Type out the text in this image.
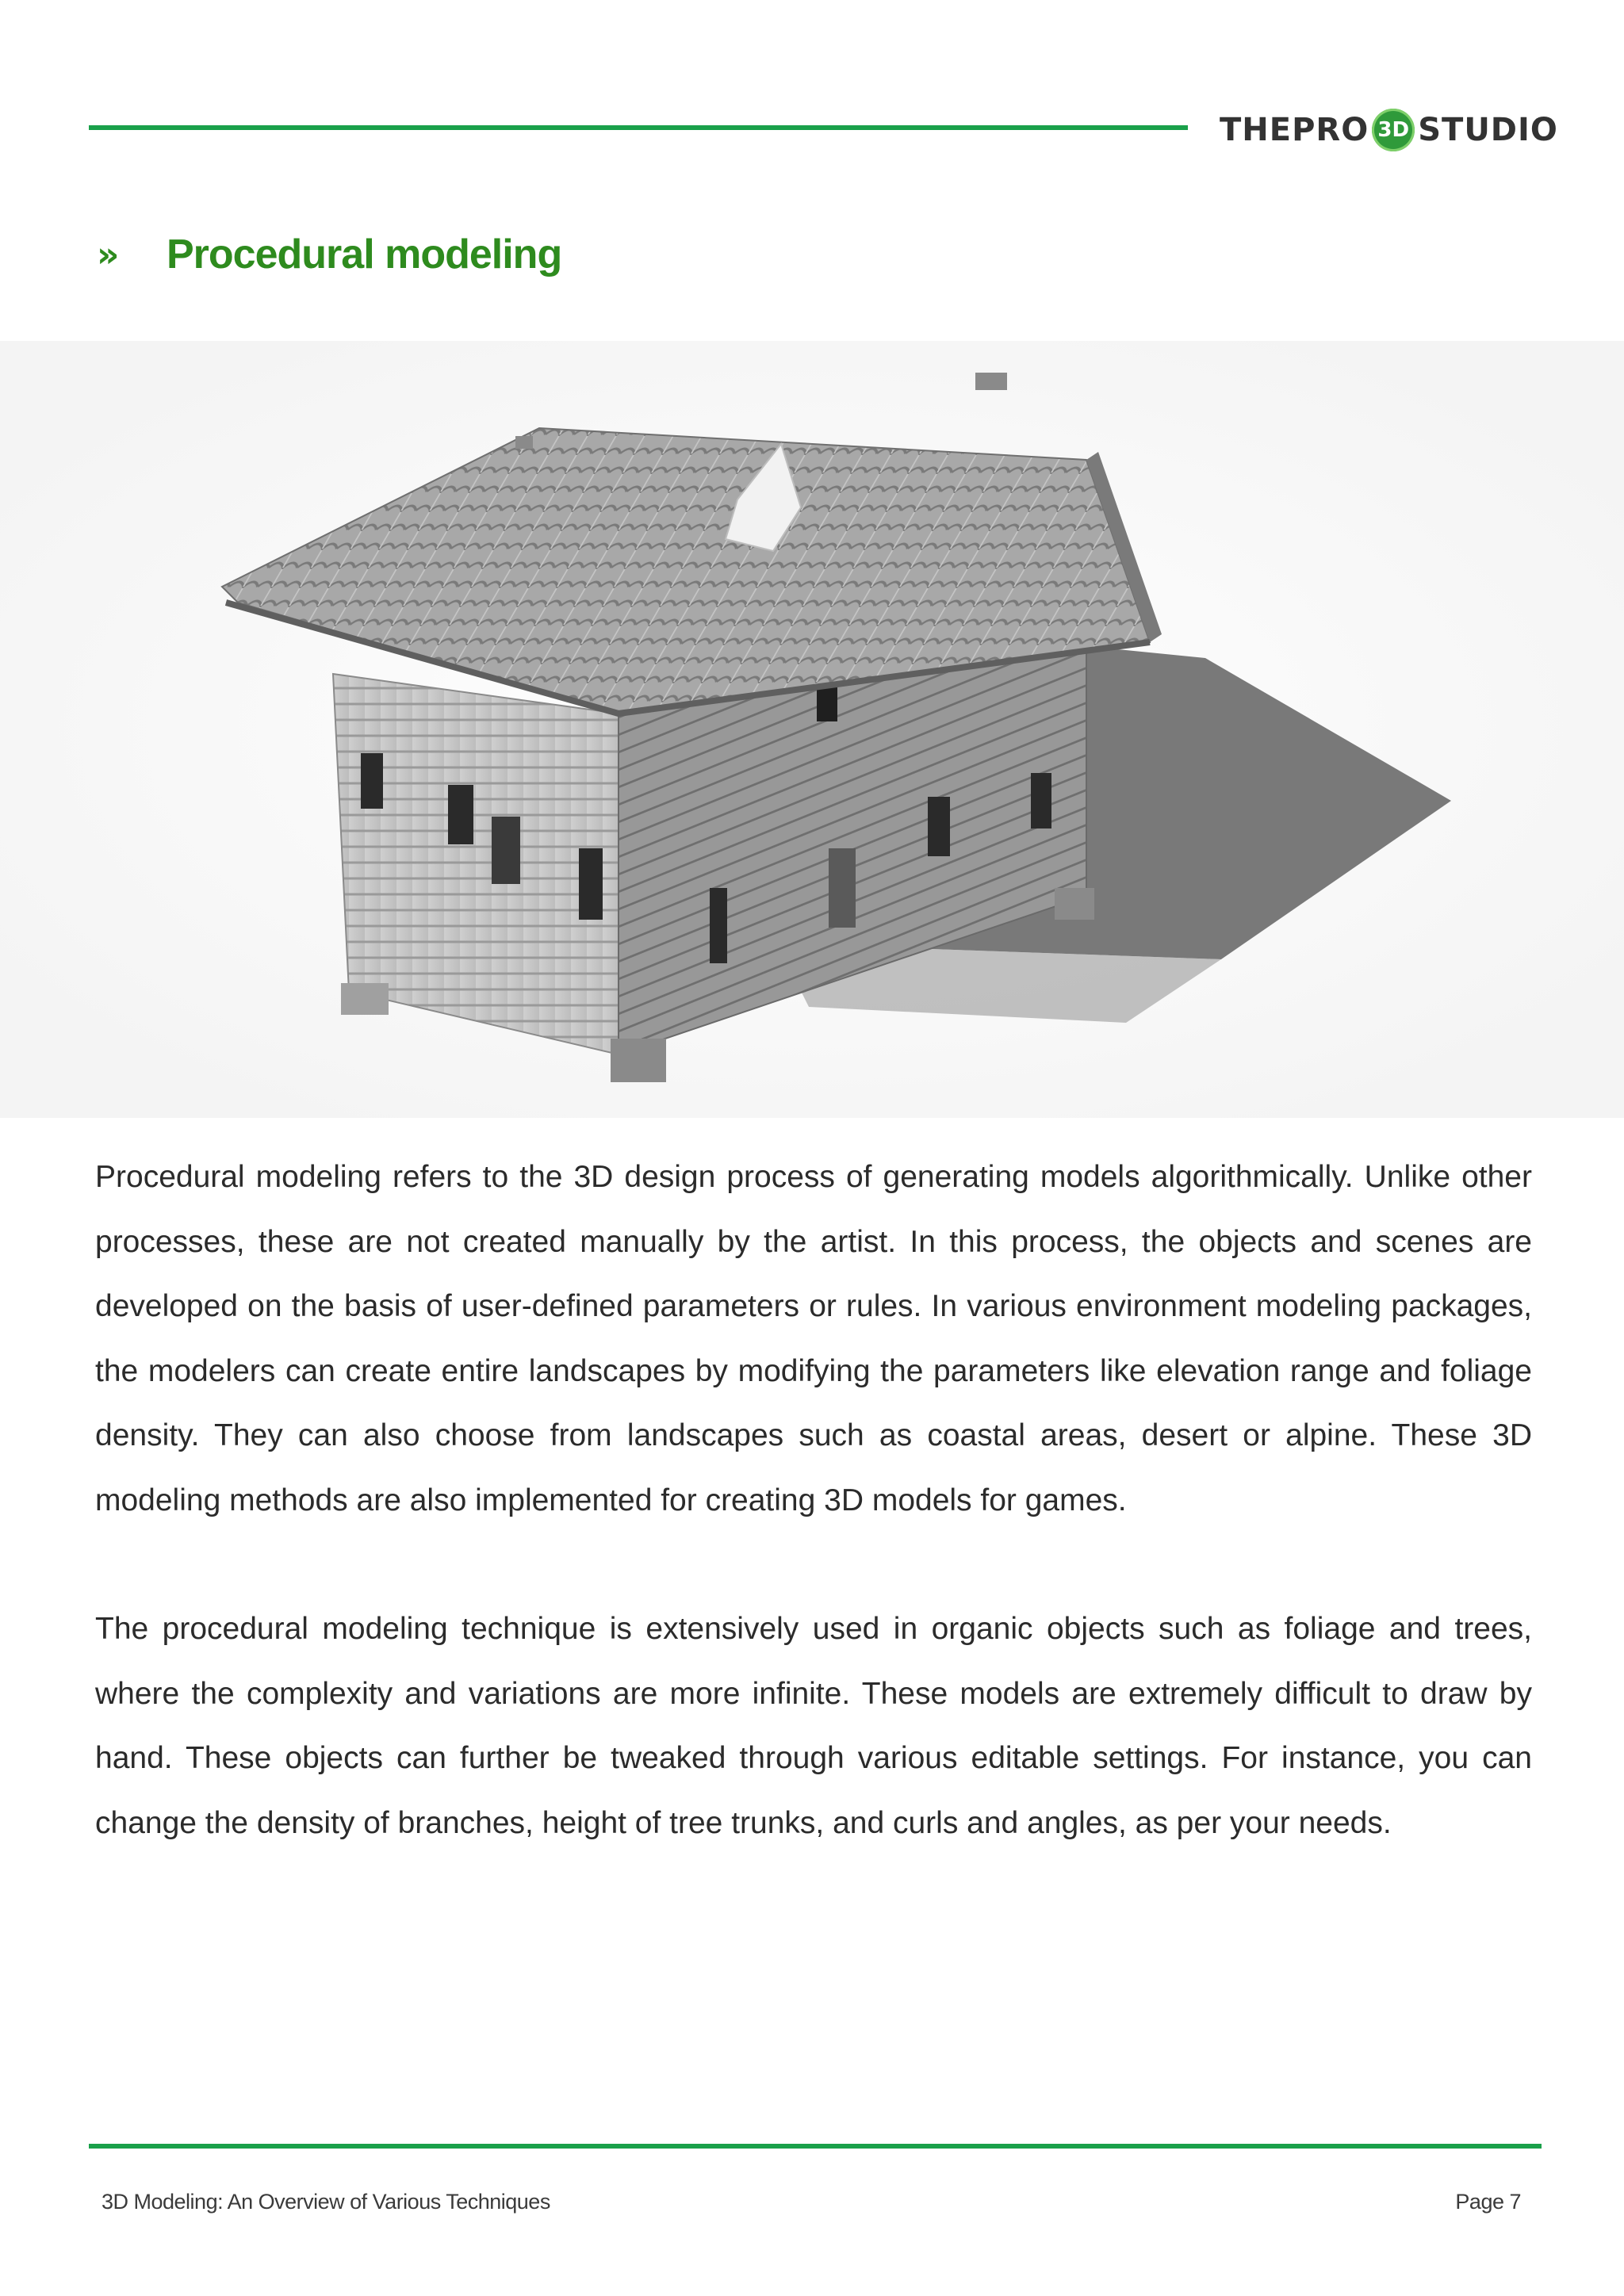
THEPRO 3D STUDIO
»	Procedural modeling

Procedural modeling refers to the 3D design process of generating models algorithmically. Unlike other processes, these are not created manually by the artist. In this process, the objects and scenes are developed on the basis of user-defined parameters or rules. In various environment modeling packages, the modelers can create entire landscapes by modifying the parameters like elevation range and foliage density. They can also choose from landscapes such as coastal areas, desert or alpine. These 3D modeling methods are also implemented for creating 3D models for games.

The procedural modeling technique is extensively used in organic objects such as foliage and trees, where the complexity and variations are more infinite. These models are extremely difficult to draw by hand. These objects can further be tweaked through various editable settings. For instance, you can change the density of branches, height of tree trunks, and curls and angles, as per your needs.

3D Modeling: An Overview of Various Techniques	Page 7
